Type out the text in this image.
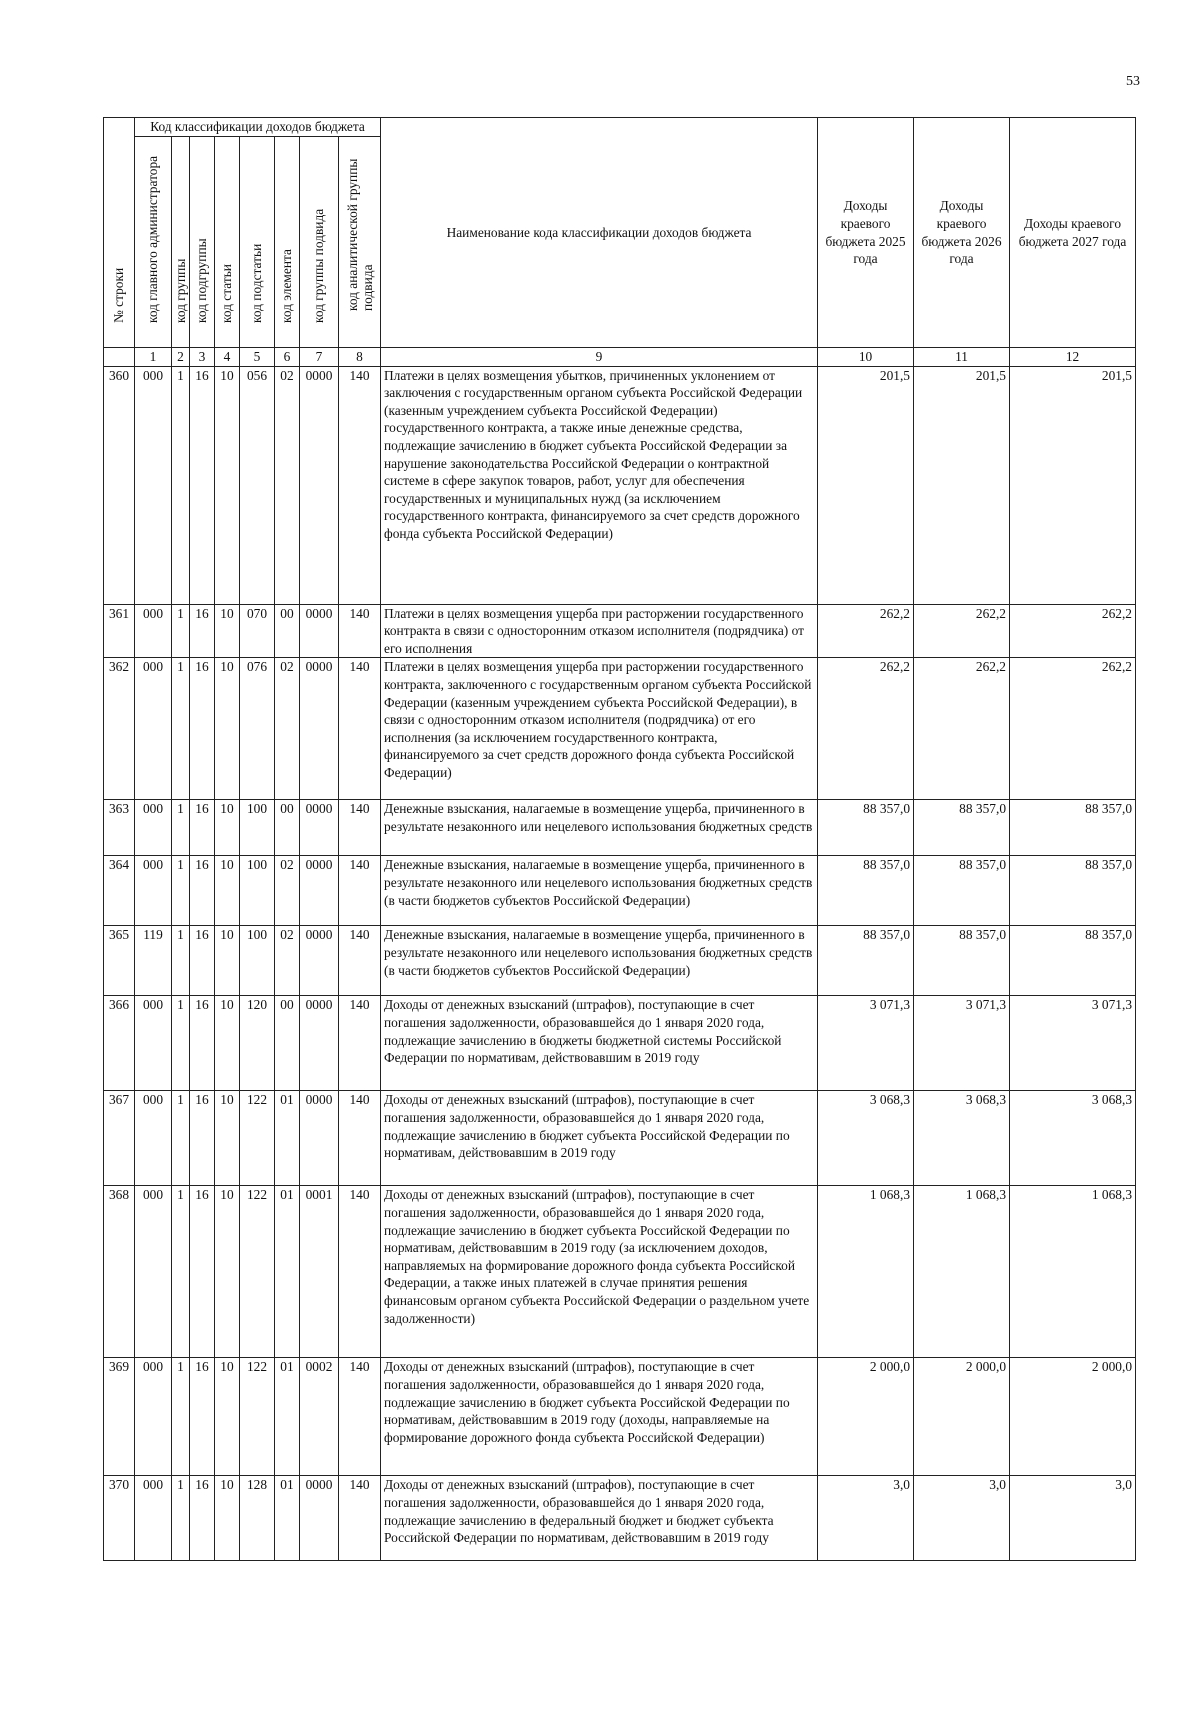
53
№ строки	Код классификации доходов бюджета								Наименование кода классификации доходов бюджета	Доходы краевого бюджета 2025 года	Доходы краевого бюджета 2026 года	Доходы краевого бюджета 2027 года

	код главного администратора	код группы	код подгруппы	код статьи	код подстатьи	код элемента	код группы подвида	код аналитической группы подвида				

	1	2	3	4	5	6	7	8	9	10	11	12
360	000	1	16	10	056	02	0000	140	Платежи в целях возмещения убытков, причиненных уклонением от заключения с государственным органом субъекта Российской Федерации (казенным учреждением субъекта Российской Федерации) государственного контракта, а также иные денежные средства, подлежащие зачислению в бюджет субъекта Российской Федерации за нарушение законодательства Российской Федерации о контрактной системе в сфере закупок товаров, работ, услуг для обеспечения государственных и муниципальных нужд (за исключением государственного контракта, финансируемого за счет средств дорожного фонда субъекта Российской Федерации)	201,5	201,5	201,5
361	000	1	16	10	070	00	0000	140	Платежи в целях возмещения ущерба при расторжении государственного контракта в связи с односторонним отказом исполнителя (подрядчика) от его исполнения	262,2	262,2	262,2
362	000	1	16	10	076	02	0000	140	Платежи в целях возмещения ущерба при расторжении государственного контракта, заключенного с государственным органом субъекта Российской Федерации (казенным учреждением субъекта Российской Федерации), в связи с односторонним отказом исполнителя (подрядчика) от его исполнения (за исключением государственного контракта, финансируемого за счет средств дорожного фонда субъекта Российской Федерации)	262,2	262,2	262,2
363	000	1	16	10	100	00	0000	140	Денежные взыскания, налагаемые в возмещение ущерба, причиненного в результате незаконного или нецелевого использования бюджетных средств	88 357,0	88 357,0	88 357,0
364	000	1	16	10	100	02	0000	140	Денежные взыскания, налагаемые в возмещение ущерба, причиненного в результате незаконного или нецелевого использования бюджетных средств (в части бюджетов субъектов Российской Федерации)	88 357,0	88 357,0	88 357,0
365	119	1	16	10	100	02	0000	140	Денежные взыскания, налагаемые в возмещение ущерба, причиненного в результате незаконного или нецелевого использования бюджетных средств (в части бюджетов субъектов Российской Федерации)	88 357,0	88 357,0	88 357,0
366	000	1	16	10	120	00	0000	140	Доходы от денежных взысканий (штрафов), поступающие в счет погашения задолженности, образовавшейся до 1 января 2020 года, подлежащие зачислению в бюджеты бюджетной системы Российской Федерации по нормативам, действовавшим в 2019 году	3 071,3	3 071,3	3 071,3
367	000	1	16	10	122	01	0000	140	Доходы от денежных взысканий (штрафов), поступающие в счет погашения задолженности, образовавшейся до 1 января 2020 года, подлежащие зачислению в бюджет субъекта Российской Федерации по нормативам, действовавшим в 2019 году	3 068,3	3 068,3	3 068,3
368	000	1	16	10	122	01	0001	140	Доходы от денежных взысканий (штрафов), поступающие в счет погашения задолженности, образовавшейся до 1 января 2020 года, подлежащие зачислению в бюджет субъекта Российской Федерации по нормативам, действовавшим в 2019 году (за исключением доходов, направляемых на формирование дорожного фонда субъекта Российской Федерации, а также иных платежей в случае принятия решения финансовым органом субъекта Российской Федерации о раздельном учете задолженности)	1 068,3	1 068,3	1 068,3
369	000	1	16	10	122	01	0002	140	Доходы от денежных взысканий (штрафов), поступающие в счет погашения задолженности, образовавшейся до 1 января 2020 года, подлежащие зачислению в бюджет субъекта Российской Федерации по нормативам, действовавшим в 2019 году (доходы, направляемые на формирование дорожного фонда субъекта Российской Федерации)	2 000,0	2 000,0	2 000,0
370	000	1	16	10	128	01	0000	140	Доходы от денежных взысканий (штрафов), поступающие в счет погашения задолженности, образовавшейся до 1 января 2020 года, подлежащие зачислению в федеральный бюджет и бюджет субъекта Российской Федерации по нормативам, действовавшим в 2019 году	3,0	3,0	3,0
